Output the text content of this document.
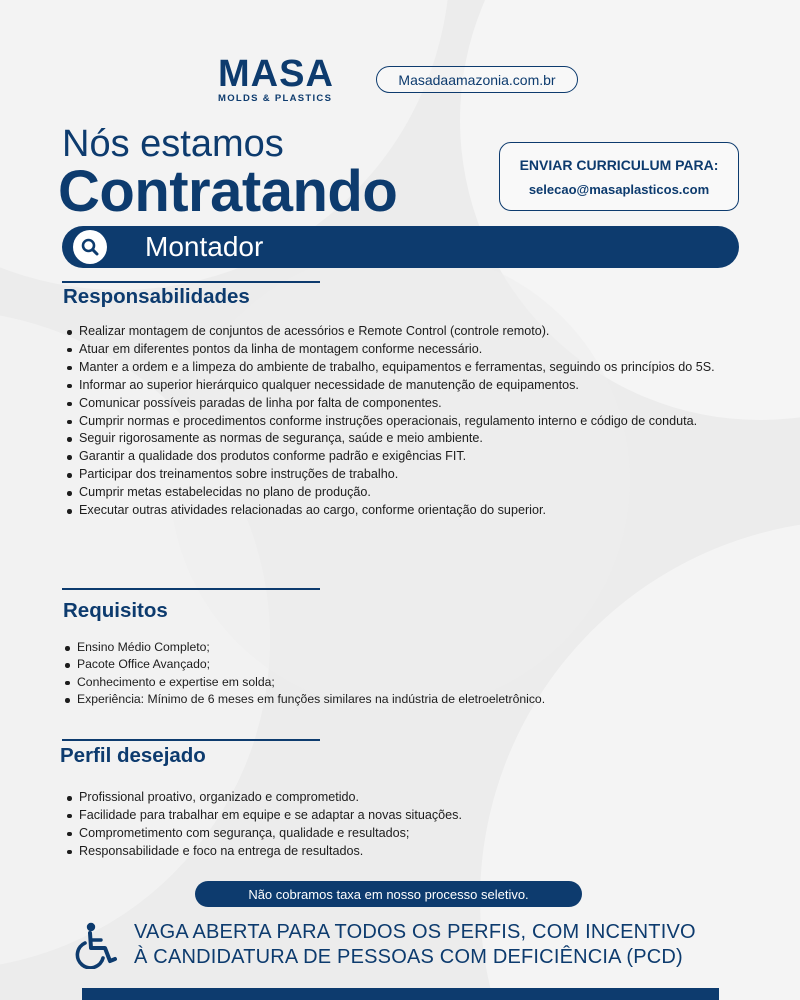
MASA
MOLDS & PLASTICS
Masadaamazonia.com.br
Nós estamos
Contratando	ENVIAR CURRICULUM PARA:
selecao@masaplasticos.com
Montador
Responsabilidades
Realizar montagem de conjuntos de acessórios e Remote Control (controle remoto).
Atuar em diferentes pontos da linha de montagem conforme necessário.
Manter a ordem e a limpeza do ambiente de trabalho, equipamentos e ferramentas, seguindo os princípios do 5S.
Informar ao superior hierárquico qualquer necessidade de manutenção de equipamentos.
Comunicar possíveis paradas de linha por falta de componentes.
Cumprir normas e procedimentos conforme instruções operacionais, regulamento interno e código de conduta.
Seguir rigorosamente as normas de segurança, saúde e meio ambiente.
Garantir a qualidade dos produtos conforme padrão e exigências FIT.
Participar dos treinamentos sobre instruções de trabalho.
Cumprir metas estabelecidas no plano de produção.
Executar outras atividades relacionadas ao cargo, conforme orientação do superior.
Requisitos
Ensino Médio Completo;
Pacote Office Avançado;
Conhecimento e expertise em solda;
Experiência: Mínimo de 6 meses em funções similares na indústria de eletroeletrônico.
Perfil desejado
Profissional proativo, organizado e comprometido.
Facilidade para trabalhar em equipe e se adaptar a novas situações.
Comprometimento com segurança, qualidade e resultados;
Responsabilidade e foco na entrega de resultados.
Não cobramos taxa em nosso processo seletivo.
VAGA ABERTA PARA TODOS OS PERFIS, COM INCENTIVO
À CANDIDATURA DE PESSOAS COM DEFICIÊNCIA (PCD)
